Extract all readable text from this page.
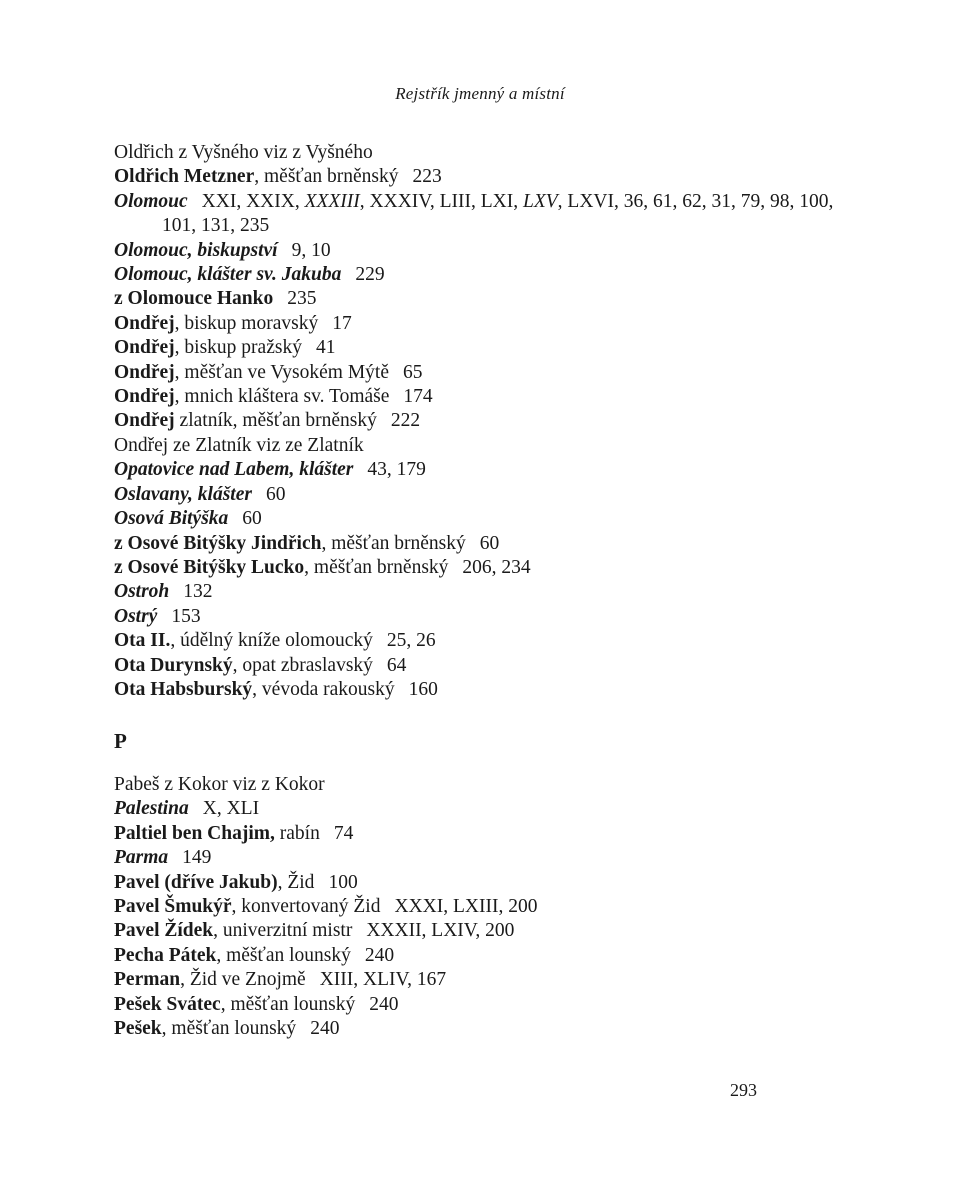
Rejstřík jmenný a místní

Oldřich z Vyšného viz z Vyšného

Oldřich Metzner, měšťan brněnský 223

Olomouc XXI, XXIX, XXXIII, XXXIV, LIII, LXI, LXV, LXVI, 36, 61, 62, 31, 79, 98, 100, 101, 131, 235

Olomouc, biskupství 9, 10

Olomouc, klášter sv. Jakuba 229

z Olomouce Hanko 235

Ondřej, biskup moravský 17

Ondřej, biskup pražský 41

Ondřej, měšťan ve Vysokém Mýtě 65

Ondřej, mnich kláštera sv. Tomáše 174

Ondřej zlatník, měšťan brněnský 222

Ondřej ze Zlatník viz ze Zlatník

Opatovice nad Labem, klášter 43, 179

Oslavany, klášter 60

Osová Bitýška 60

z Osové Bitýšky Jindřich, měšťan brněnský 60

z Osové Bitýšky Lucko, měšťan brněnský 206, 234

Ostroh 132

Ostrý 153

Ota II., údělný kníže olomoucký 25, 26

Ota Durynský, opat zbraslavský 64

Ota Habsburský, vévoda rakouský 160

P

Pabeš z Kokor viz z Kokor

Palestina X, XLI

Paltiel ben Chajim, rabín 74

Parma 149

Pavel (dříve Jakub), Žid 100

Pavel Šmukýř, konvertovaný Žid XXXI, LXIII, 200

Pavel Žídek, univerzitní mistr XXXII, LXIV, 200

Pecha Pátek, měšťan lounský 240

Perman, Žid ve Znojmě XIII, XLIV, 167

Pešek Svátec, měšťan lounský 240

Pešek, měšťan lounský 240

293
